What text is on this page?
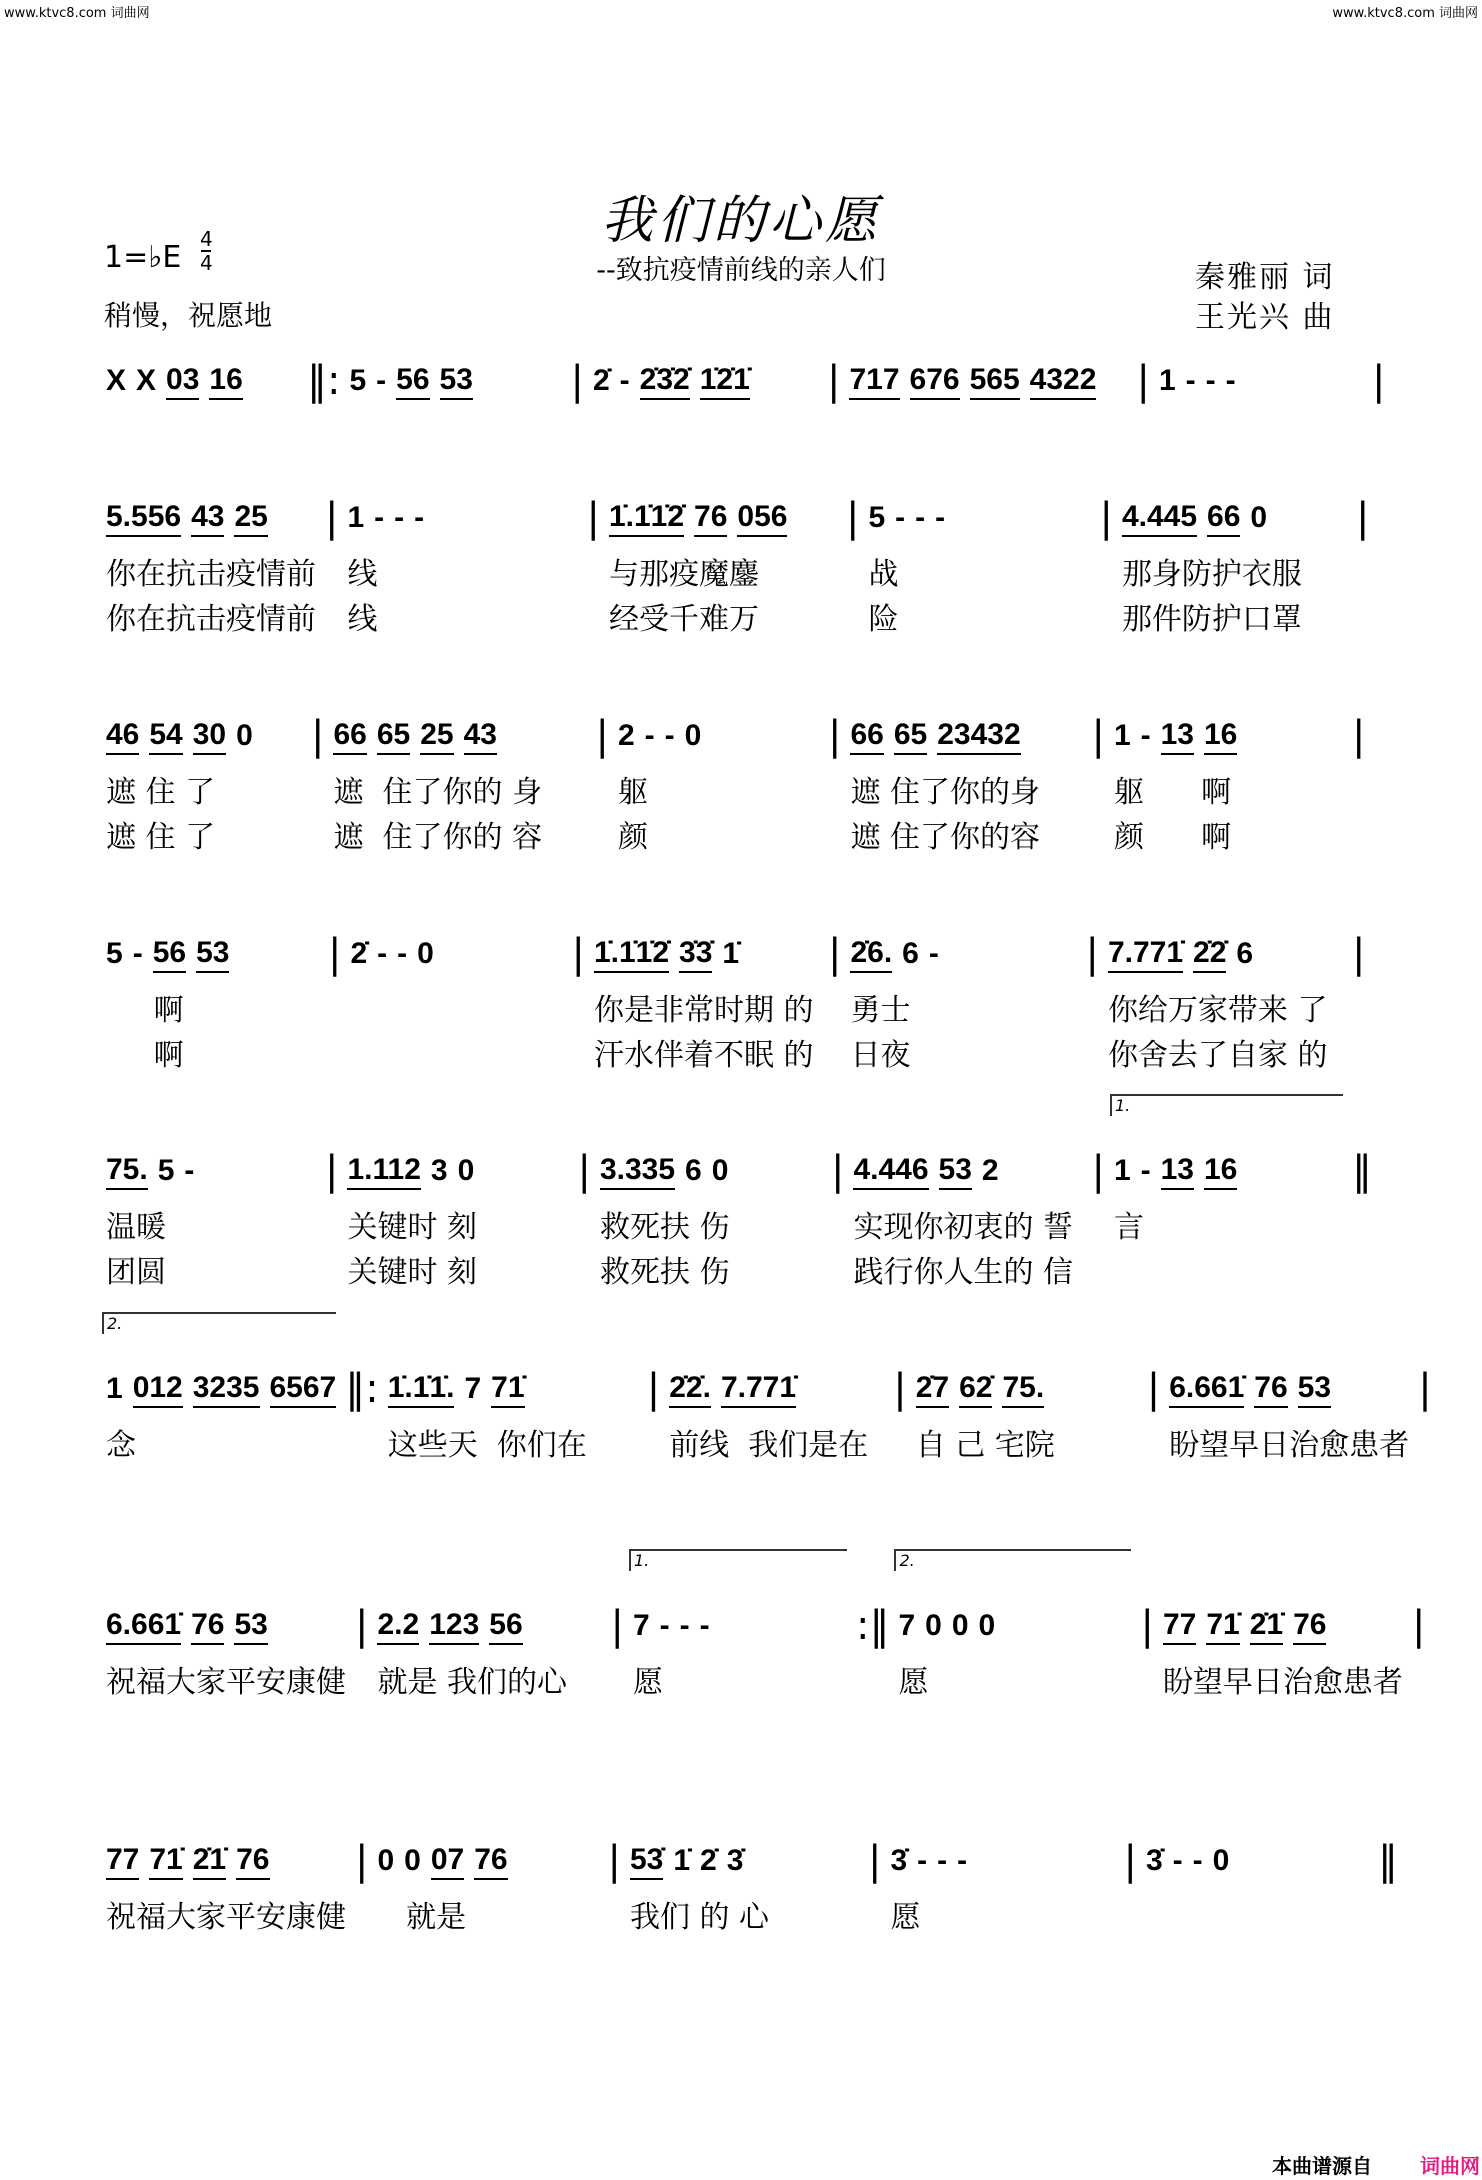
www.ktvc8.com 词曲网	www.ktvc8.com 词曲网
我们的心愿
--致抗疫情前线的亲人们
1=♭E
4
4
稍慢，祝愿地
秦雅丽 词
王光兴 曲
X X 03 16 ‖: 5 - 56 53 | 2̇ - 2̇3̇2̇ 1̇2̇1̇ | 717 676 565 4322 | 1 - - -	|
5.556 43 25
你在抗击疫情前
你在抗击疫情前
| 1 - - -
线
线
| 1̇.1̇1̇2̇ 76 056
与那疫魔鏖
经受千难万
| 5 - - -
战
险
| 4.445 66 0
那身防护衣服
那件防护口罩
|
46 54 30 0
遮 住 了
遮 住 了
| 66 65 25 43
遮  住了你的 身
遮  住了你的 容
| 2 - - 0
躯
颜
| 66 65 23432
遮 住了你的身
遮 住了你的容
| 1 - 13 16
躯      啊
颜      啊
|
5 - 56 53
啊
啊
| 2̇ - - 0	| 1̇.1̇1̇2̇ 3̇3̇ 1̇
你是非常时期 的
汗水伴着不眠 的
| 2̇6. 6 -
勇士
日夜
| 7.771̇ 2̇2̇ 6
你给万家带来 了
你舍去了自家 的
|
75. 5 -
温暖
团圆
| 1.112 3 0
关键时 刻
关键时 刻
| 3.335 6 0
救死扶 伤
救死扶 伤
| 4.446 53 2
实现你初衷的 誓
践行你人生的 信
| 1 - 13 16
言
1.
‖
1 012 3235 6567
念
2.
‖: 1̇.1̇1̇. 7 71̇
这些天  你们在
| 2̇2̇. 7.771̇
前线  我们是在
| 2̇7 62̇ 75.
自 己 宅院
| 6.661̇ 76 53
盼望早日治愈患者
|
6.661̇ 76 53
祝福大家平安康健
| 2.2 123 56
就是 我们的心
| 7 - - -
愿
1.
:‖ 7 0 0 0
愿
2.
| 77 71̇ 2̇1̇ 76
盼望早日治愈患者
|
77 71̇ 2̇1̇ 76
祝福大家平安康健
| 0 0 07 76
就是
| 53̇ 1̇ 2̇ 3̇
我们 的 心
| 3̇ - - -
愿
| 3̇ - - 0	‖
本曲谱源自 词曲网
